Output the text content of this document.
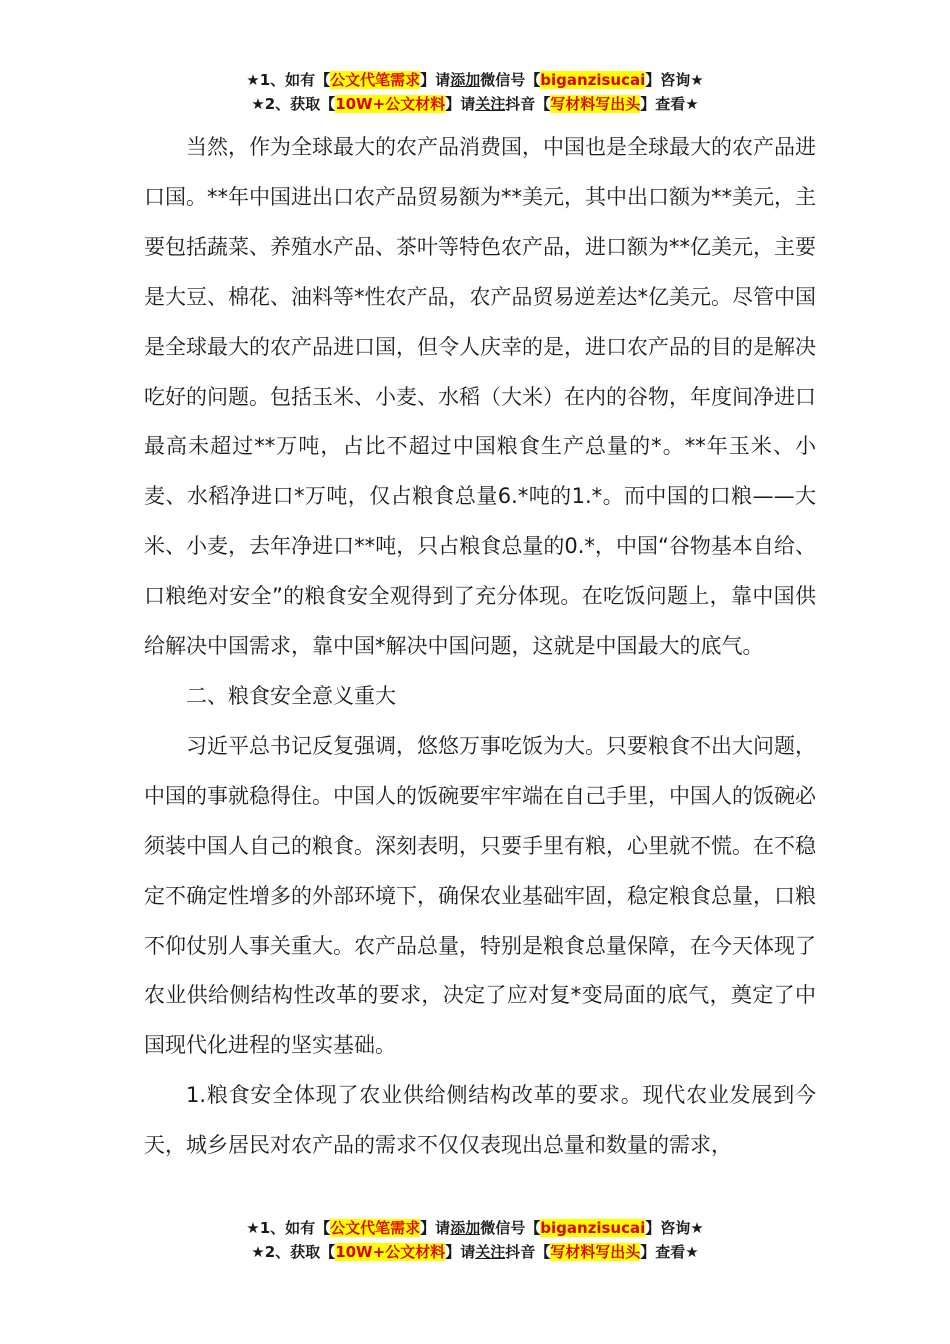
★1、如有【公文代笔需求】请添加微信号【biganzisucai】咨询★
★2、获取【10W+公文材料】请关注抖音【写材料写出头】查看★

当然，作为全球最大的农产品消费国，中国也是全球最大的农产品进口国。**年中国进出口农产品贸易额为**美元，其中出口额为**美元，主要包括蔬菜、养殖水产品、茶叶等特色农产品，进口额为**亿美元，主要是大豆、棉花、油料等*性农产品，农产品贸易逆差达*亿美元。尽管中国是全球最大的农产品进口国，但令人庆幸的是，进口农产品的目的是解决吃好的问题。包括玉米、小麦、水稻（大米）在内的谷物，年度间净进口最高未超过**万吨，占比不超过中国粮食生产总量的*。**年玉米、小麦、水稻净进口*万吨，仅占粮食总量6.*吨的1.*。而中国的口粮——大米、小麦，去年净进口**吨，只占粮食总量的0.*，中国“谷物基本自给、口粮绝对安全”的粮食安全观得到了充分体现。在吃饭问题上，靠中国供给解决中国需求，靠中国*解决中国问题，这就是中国最大的底气。

二、粮食安全意义重大

习近平总书记反复强调，悠悠万事吃饭为大。只要粮食不出大问题，中国的事就稳得住。中国人的饭碗要牢牢端在自己手里，中国人的饭碗必须装中国人自己的粮食。深刻表明，只要手里有粮，心里就不慌。在不稳定不确定性增多的外部环境下，确保农业基础牢固，稳定粮食总量，口粮不仰仗别人事关重大。农产品总量，特别是粮食总量保障，在今天体现了农业供给侧结构性改革的要求，决定了应对复*变局面的底气，奠定了中国现代化进程的坚实基础。

1.粮食安全体现了农业供给侧结构改革的要求。现代农业发展到今天，城乡居民对农产品的需求不仅仅表现出总量和数量的需求，

★1、如有【公文代笔需求】请添加微信号【biganzisucai】咨询★
★2、获取【10W+公文材料】请关注抖音【写材料写出头】查看★
